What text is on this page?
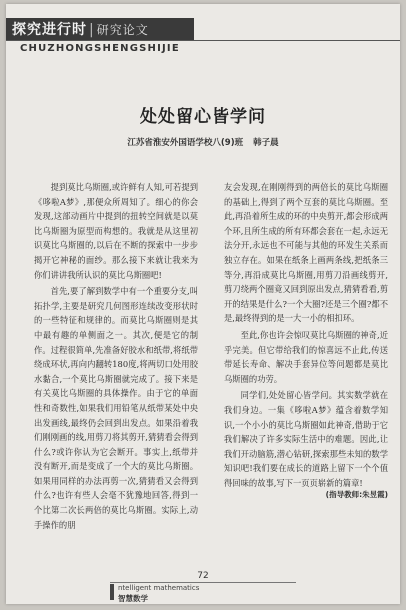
探究进行时 | 研究论文
CHUZHONGSHENGSHIJIE
处处留心皆学问
江苏省淮安外国语学校八(9)班 韩子晨

提到莫比乌斯圈,或许鲜有人知,可若提到《哆啦A梦》,那便众所周知了。细心的你会发现,这部动画片中提到的扭转空间就是以莫比乌斯圈为原型而构想的。我就是从这里初识莫比乌斯圈的,以后在不断的探索中一步步揭开它神秘的面纱。那么接下来就让我来为你们讲讲我所认识的莫比乌斯圈吧!

首先,要了解到数学中有一个重要分支,叫拓扑学,主要是研究几何图形连续改变形状时的一些特征和规律的。而莫比乌斯圈则是其中最有趣的单侧面之一。其次,便是它的制作。过程很简单,先准备好胶水和纸带,将纸带绕成环状,再向内翻转180度,将两切口处用胶水黏合,一个莫比乌斯圈就完成了。接下来是有关莫比乌斯圈的具体操作。由于它的单面性和奇数性,如果我们用铅笔从纸带某处中央出发画线,最终仍会回到出发点。如果沿着我们刚刚画的线,用剪刀将其剪开,猜猜看会得到什么?或许你认为它会断开。事实上,纸带并没有断开,而是变成了一个大的莫比乌斯圈。如果用同样的办法再剪一次,猜猜看又会得到什么?也许有些人会毫不犹豫地回答,得到一个比第二次长两倍的莫比乌斯圈。实际上,动手操作的朋

友会发现,在刚刚得到的两倍长的莫比乌斯圈的基础上,得到了两个互套的莫比乌斯圈。至此,再沿着所生成的环的中央剪开,都会形成两个环,且所生成的所有环都会套在一起,永远无法分开,永远也不可能与其他的环发生关系而独立存在。如果在纸条上画两条线,把纸条三等分,再沿成莫比乌斯圈,用剪刀沿画线剪开,剪刀绕两个圈竟又回到原出发点,猜猜看看,剪开的结果是什么?一个大圈?还是三个圈?都不是,最终得到的是一大一小的相扣环。

至此,你也许会惊叹莫比乌斯圈的神奇,近乎完美。但它带给我们的惊喜远不止此,传送带延长寿命、解决手套异位等问题都是莫比乌斯圈的功劳。

同学们,处处留心皆学问。其实数学就在我们身边。一集《哆啦A梦》蕴含着数学知识,一个小小的莫比乌斯圈如此神奇,借助于它我们解决了许多实际生活中的难题。因此,让我们开动脑筋,潜心钻研,探索那些未知的数学知识吧!我们要在成长的道路上留下一个个值得回味的故事,写下一页页崭新的篇章!

(指导教师:朱昱霞)
72
ntelligent mathematics
智慧数学
